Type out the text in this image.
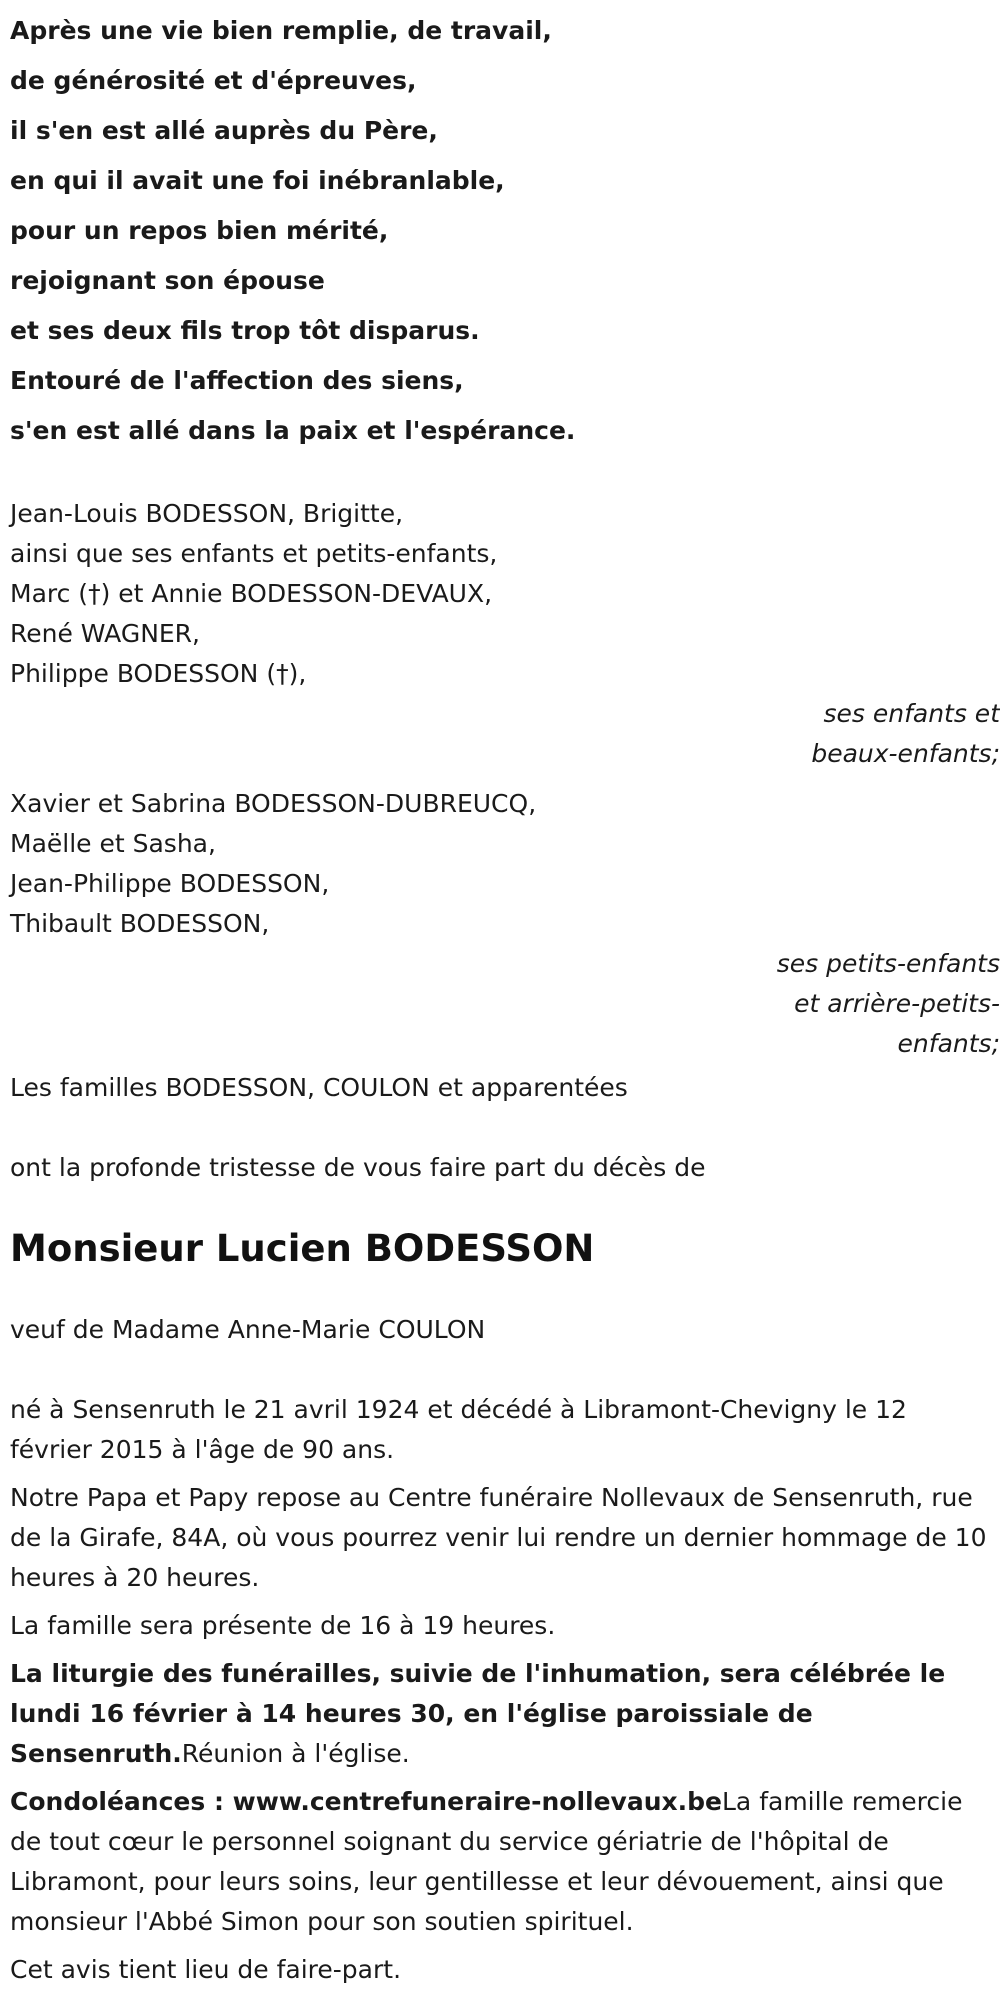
Après une vie bien remplie, de travail,
de générosité et d'épreuves,
il s'en est allé auprès du Père,
en qui il avait une foi inébranlable,
pour un repos bien mérité,
rejoignant son épouse
et ses deux fils trop tôt disparus.
Entouré de l'affection des siens,
s'en est allé dans la paix et l'espérance.
Jean-Louis BODESSON, Brigitte,
ainsi que ses enfants et petits-enfants,
Marc (†) et Annie BODESSON-DEVAUX,
René WAGNER,
Philippe BODESSON (†),
ses enfants et beaux-enfants;
Xavier et Sabrina BODESSON-DUBREUCQ,
Maëlle et Sasha,
Jean-Philippe BODESSON,
Thibault BODESSON,
ses petits-enfants et arrière-petits-enfants;
Les familles BODESSON, COULON et apparentées
ont la profonde tristesse de vous faire part du décès de
Monsieur Lucien BODESSON
veuf de Madame Anne-Marie COULON
né à Sensenruth le 21 avril 1924 et décédé à Libramont-Chevigny le 12 février 2015 à l'âge de 90 ans.
Notre Papa et Papy repose au Centre funéraire Nollevaux de Sensenruth, rue de la Girafe, 84A, où vous pourrez venir lui rendre un dernier hommage de 10 heures à 20 heures.
La famille sera présente de 16 à 19 heures.
La liturgie des funérailles, suivie de l'inhumation, sera célébrée le lundi 16 février à 14 heures 30, en l'église paroissiale de Sensenruth.Réunion à l'église.
Condoléances : www.centrefuneraire-nollevaux.beLa famille remercie de tout cœur le personnel soignant du service gériatrie de l'hôpital de Libramont, pour leurs soins, leur gentillesse et leur dévouement, ainsi que monsieur l'Abbé Simon pour son soutien spirituel.
Cet avis tient lieu de faire-part.
